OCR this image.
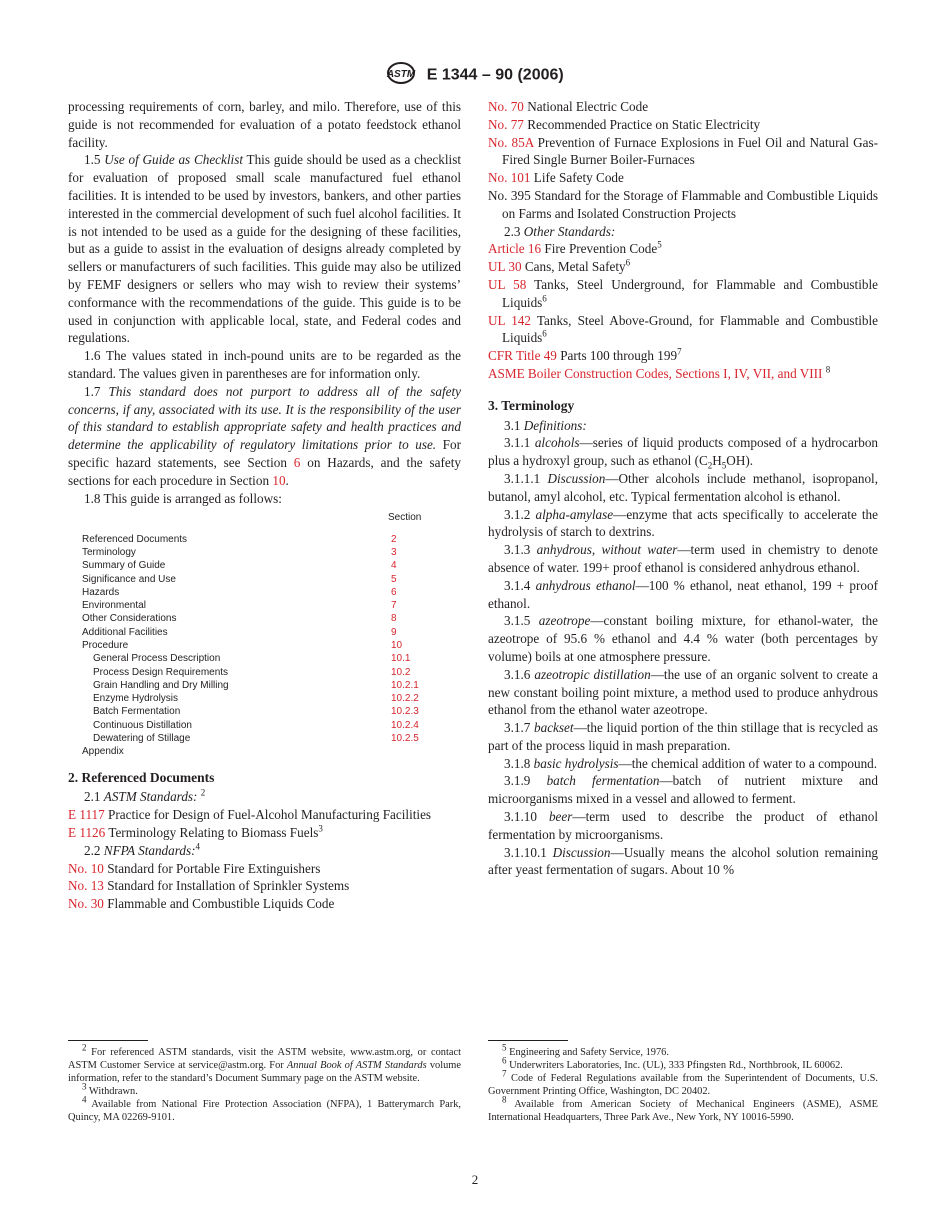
ASTM E 1344 – 90 (2006)

processing requirements of corn, barley, and milo. Therefore, use of this guide is not recommended for evaluation of a potato feedstock ethanol facility.

1.5 Use of Guide as Checklist This guide should be used as a checklist for evaluation of proposed small scale manufactured fuel ethanol facilities. It is intended to be used by investors, bankers, and other parties interested in the commercial development of such fuel alcohol facilities. It is not intended to be used as a guide for the designing of these facilities, but as a guide to assist in the evaluation of designs already completed by sellers or manufacturers of such facilities. This guide may also be utilized by FEMF designers or sellers who may wish to review their systems’ conformance with the recommendations of the guide. This guide is to be used in conjunction with applicable local, state, and Federal codes and regulations.

1.6 The values stated in inch-pound units are to be regarded as the standard. The values given in parentheses are for information only.

1.7 This standard does not purport to address all of the safety concerns, if any, associated with its use. It is the responsibility of the user of this standard to establish appropriate safety and health practices and determine the applicability of regulatory limitations prior to use. For specific hazard statements, see Section 6 on Hazards, and the safety sections for each procedure in Section 10.

1.8 This guide is arranged as follows:

Section
Referenced Documents	2
Terminology	3
Summary of Guide	4
Significance and Use	5
Hazards	6
Environmental	7
Other Considerations	8
Additional Facilities	9
Procedure	10
General Process Description	10.1
Process Design Requirements	10.2
Grain Handling and Dry Milling	10.2.1
Enzyme Hydrolysis	10.2.2
Batch Fermentation	10.2.3
Continuous Distillation	10.2.4
Dewatering of Stillage	10.2.5
Appendix
2. Referenced Documents

2.1 ASTM Standards: $^2$

E 1117 Practice for Design of Fuel-Alcohol Manufacturing Facilities

E 1126 Terminology Relating to Biomass Fuels$^3$

2.2 NFPA Standards:$^4$

No. 10 Standard for Portable Fire Extinguishers

No. 13 Standard for Installation of Sprinkler Systems

No. 30 Flammable and Combustible Liquids Code

No. 70 National Electric Code

No. 77 Recommended Practice on Static Electricity

No. 85A Prevention of Furnace Explosions in Fuel Oil and Natural Gas-Fired Single Burner Boiler-Furnaces

No. 101 Life Safety Code

No. 395 Standard for the Storage of Flammable and Combustible Liquids on Farms and Isolated Construction Projects

2.3 Other Standards:

Article 16 Fire Prevention Code$^5$

UL 30 Cans, Metal Safety$^6$

UL 58 Tanks, Steel Underground, for Flammable and Combustible Liquids$^6$

UL 142 Tanks, Steel Above-Ground, for Flammable and Combustible Liquids$^6$

CFR Title 49 Parts 100 through $199^7$

ASME Boiler Construction Codes, Sections I, IV, VII, and VIII $^8$

3. Terminology

3.1 Definitions:

3.1.1 alcohols—series of liquid products composed of a hydrocarbon plus a hydroxyl group, such as ethanol $(C_2H_5OH)$.

3.1.1.1 Discussion—Other alcohols include methanol, isopropanol, butanol, amyl alcohol, etc. Typical fermentation alcohol is ethanol.

3.1.2 alpha-amylase—enzyme that acts specifically to accelerate the hydrolysis of starch to dextrins.

3.1.3 anhydrous, without water—term used in chemistry to denote absence of water. 199+ proof ethanol is considered anhydrous ethanol.

3.1.4 anhydrous ethanol—100 % ethanol, neat ethanol, 199 + proof ethanol.

3.1.5 azeotrope—constant boiling mixture, for ethanol-water, the azeotrope of 95.6 % ethanol and 4.4 % water (both percentages by volume) boils at one atmosphere pressure.

3.1.6 azeotropic distillation—the use of an organic solvent to create a new constant boiling point mixture, a method used to produce anhydrous ethanol from the ethanol water azeotrope.

3.1.7 backset—the liquid portion of the thin stillage that is recycled as part of the process liquid in mash preparation.

3.1.8 basic hydrolysis—the chemical addition of water to a compound.

3.1.9 batch fermentation—batch of nutrient mixture and microorganisms mixed in a vessel and allowed to ferment.

3.1.10 beer—term used to describe the product of ethanol fermentation by microorganisms.

3.1.10.1 Discussion—Usually means the alcohol solution remaining after yeast fermentation of sugars. About 10 %

$^2$ For referenced ASTM standards, visit the ASTM website, www.astm.org, or contact ASTM Customer Service at service@astm.org. For Annual Book of ASTM Standards volume information, refer to the standard’s Document Summary page on the ASTM website.

$^3$ Withdrawn.

$^4$ Available from National Fire Protection Association (NFPA), 1 Batterymarch Park, Quincy, MA 02269-9101.

$^5$ Engineering and Safety Service, 1976.

$^6$ Underwriters Laboratories, Inc. (UL), 333 Pfingsten Rd., Northbrook, IL 60062.

$^7$ Code of Federal Regulations available from the Superintendent of Documents, U.S. Government Printing Office, Washington, DC 20402.

$^8$ Available from American Society of Mechanical Engineers (ASME), ASME International Headquarters, Three Park Ave., New York, NY 10016-5990.

2
